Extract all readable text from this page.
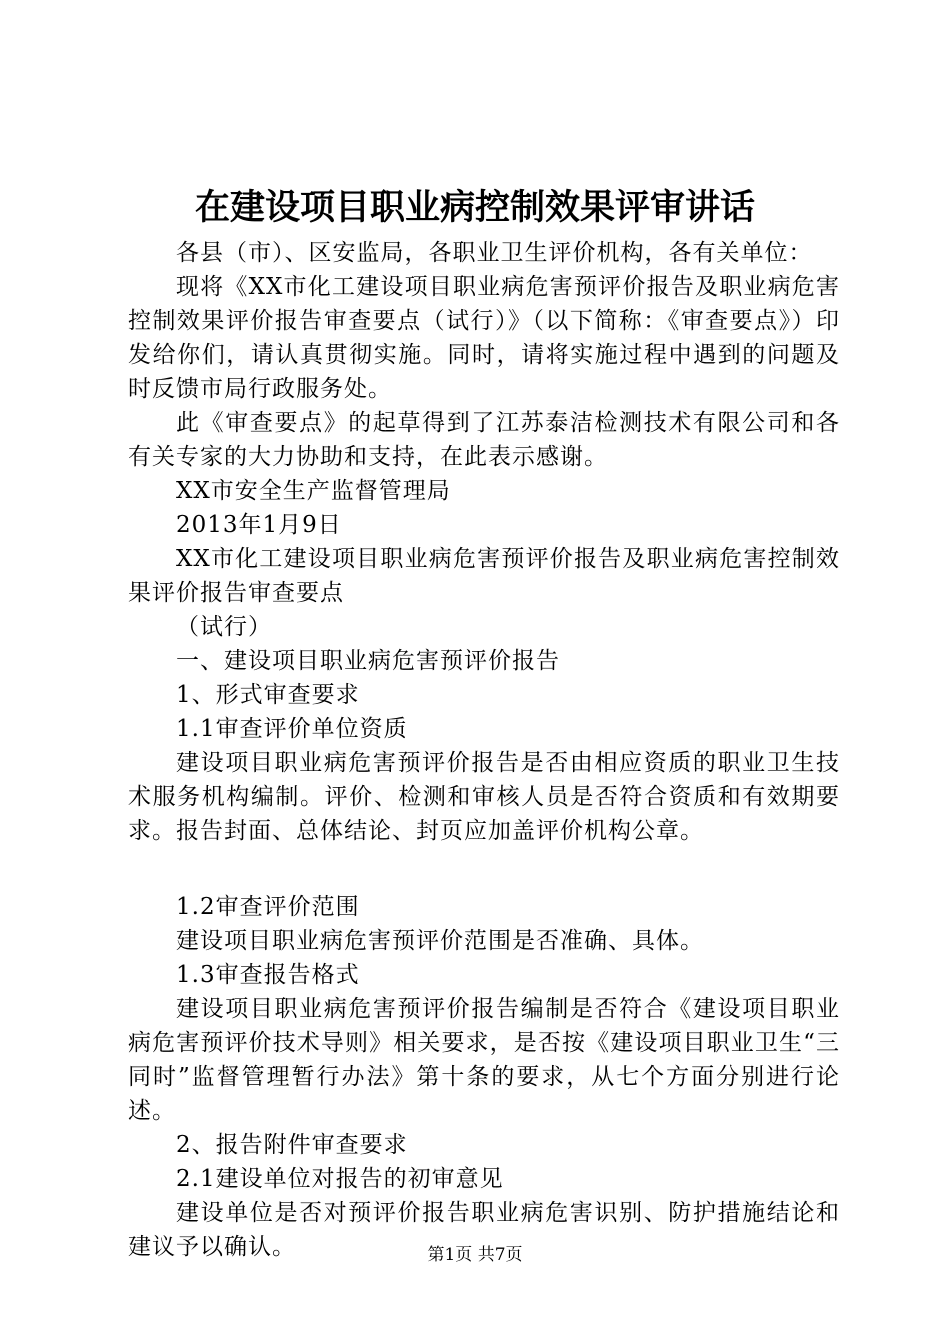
在建设项目职业病控制效果评审讲话

各县（市）、区安监局，各职业卫生评价机构，各有关单位：

现将《XX市化工建设项目职业病危害预评价报告及职业病危害控制效果评价报告审查要点（试行）》（以下简称：《审查要点》）印发给你们，请认真贯彻实施。同时，请将实施过程中遇到的问题及时反馈市局行政服务处。

此《审查要点》的起草得到了江苏泰洁检测技术有限公司和各有关专家的大力协助和支持，在此表示感谢。

XX市安全生产监督管理局

2013年1月9日

XX市化工建设项目职业病危害预评价报告及职业病危害控制效果评价报告审查要点

（试行）

一、建设项目职业病危害预评价报告

1、形式审查要求

1.1审查评价单位资质

建设项目职业病危害预评价报告是否由相应资质的职业卫生技术服务机构编制。评价、检测和审核人员是否符合资质和有效期要求。报告封面、总体结论、封页应加盖评价机构公章。

1.2审查评价范围

建设项目职业病危害预评价范围是否准确、具体。

1.3审查报告格式

建设项目职业病危害预评价报告编制是否符合《建设项目职业病危害预评价技术导则》相关要求，是否按《建设项目职业卫生“三同时”监督管理暂行办法》第十条的要求，从七个方面分别进行论述。

2、报告附件审查要求

2.1建设单位对报告的初审意见

建设单位是否对预评价报告职业病危害识别、防护措施结论和建议予以确认。	第1页 共7页
